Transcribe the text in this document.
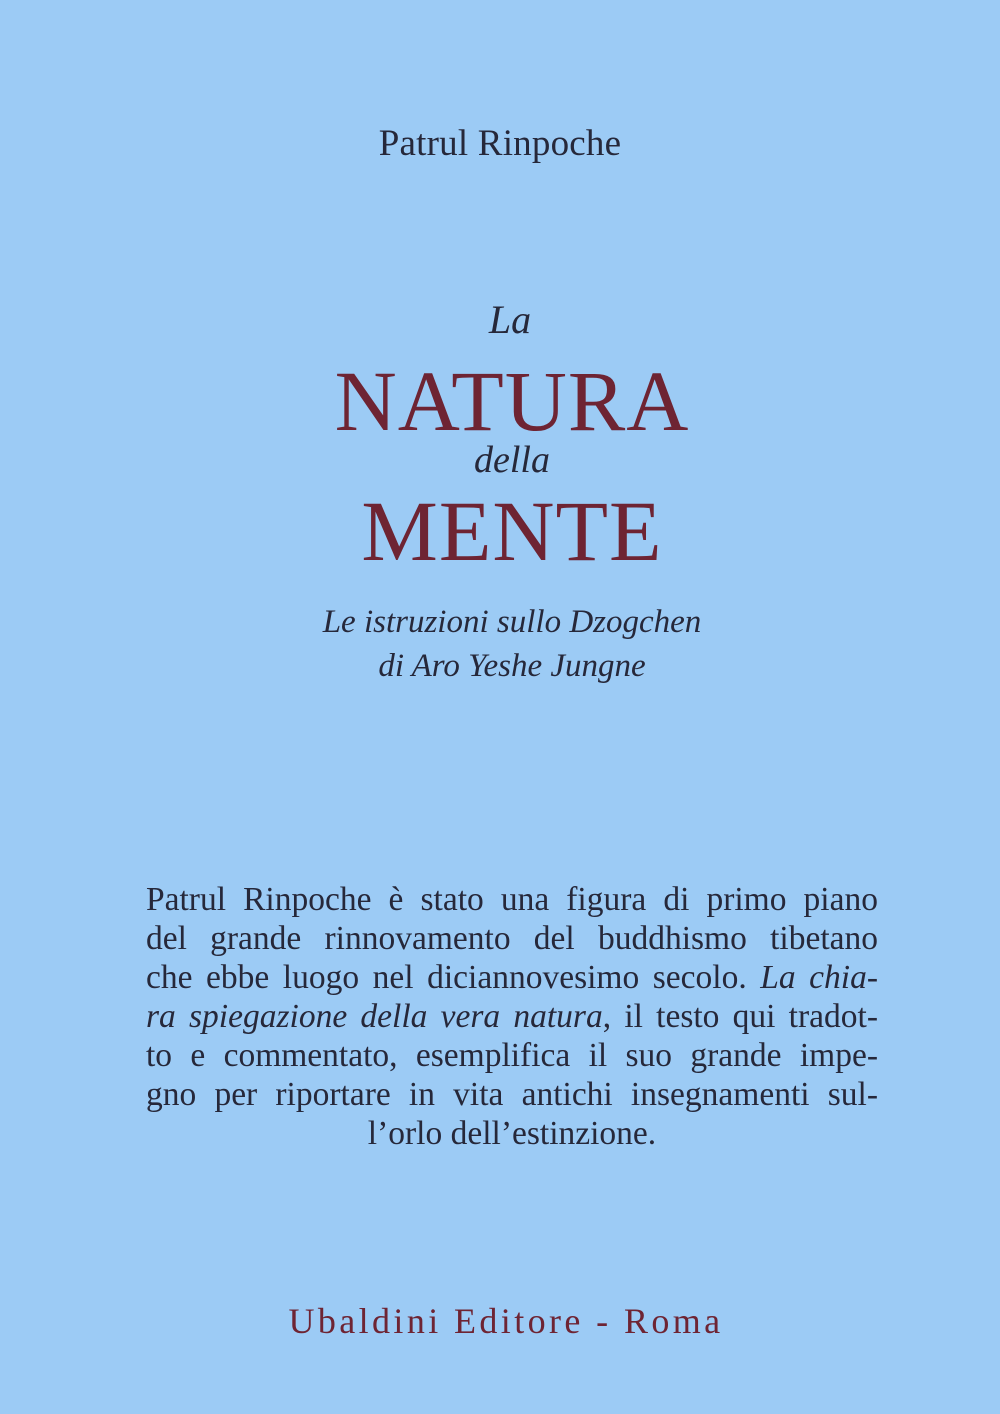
Patrul Rinpoche
La
NATURA
della
MENTE
Le istruzioni sullo Dzogchen
di Aro Yeshe Jungne
Patrul Rinpoche è stato una figura di primo piano
del grande rinnovamento del buddhismo tibetano
che ebbe luogo nel diciannovesimo secolo. La chia-
ra spiegazione della vera natura, il testo qui tradot-
to e commentato, esemplifica il suo grande impe-
gno per riportare in vita antichi insegnamenti sul-
l’orlo dell’estinzione.
Ubaldini Editore - Roma
